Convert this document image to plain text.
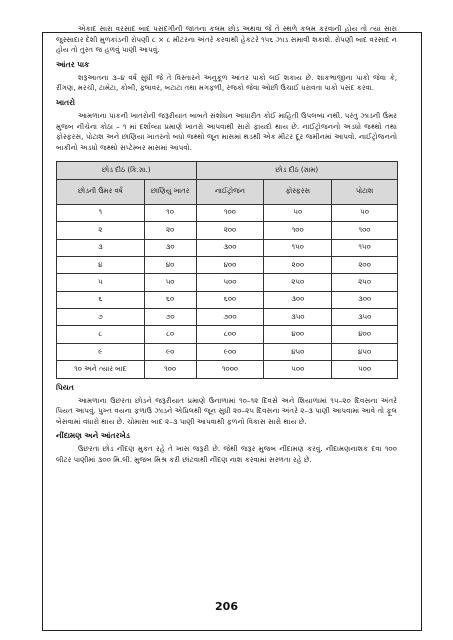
એકાદ સારા વરસાદ બાદ પસંદગીની જાતના કલમ છોડ અથવા જે તે સ્થળે કલમ કરવાની હોય તો ત્યાં સારા જુસ્સાદાર દેશી મુળકાંડની રોપણી ૮ × ૮ મીટરના અંતરે કરવાથી હેકટરે ૧૫૬ ઝાડ સમાવી શકાશે. રોપણી બાદ વરસાદ ન હોય તો તુરત જ હળવું પાણી આપવું.

આંતર પાક

શરૂઆતના ૩–૪ વર્ષ સુધી જે તે વિસ્તારને અનુકૂળ આંતર પાકો લઈ શકાય છે. શાકભાજીના પાકો જેવા કે, રીંગણ, મરચી, ટામેટા, કોબી, ફ્લાવર, બટાટા તથા મગફળી, રજકો જેવા ઓછી ઉંચાઈ ધરાવતા પાકો પસંદ કરવા.

ખાતરો

આમળાના પાકની ખાતરોની જરૂરીયાત બાબતે સંશોધન આધારીત કોઈ માહિતી ઉપલબ્ધ નથી. પરંતુ ઝાડની ઉંમર મુજબ નીચેના કોઠા – ૧ માં દર્શાવ્યા પ્રમાણે ખાતરો આપવાથી સારો ફાયદો થાય છે. નાઈટ્રોજનનો અડધો જથ્થો તથા ફોસ્ફરસ, પોટાશ અને છાણિયા ખાતરનો બધો જથ્થો જૂન માસમાં થડથી એક મીટર દૂર જમીનમાં આપવો. નાઈટ્રોજનનો બાકીનો અડધો જથ્થો સપ્ટેમ્બર માસમાં આપવો.

છોડ દીઠ (કિ.ગ્રા.)		છોડ દીઠ (ગ્રામ)		
છોડની ઉંમર વર્ષ	છાણિયું ખાતર	નાઈટ્રોજન	ફોસ્ફરસ	પોટાશ
૧	૧૦	૧૦૦	૫૦	૫૦
૨	૨૦	૨૦૦	૧૦૦	૧૦૦
૩	૩૦	૩૦૦	૧૫૦	૧૫૦
૪	૪૦	૪૦૦	૨૦૦	૨૦૦
૫	૫૦	૫૦૦	૨૫૦	૨૫૦
૬	૬૦	૬૦૦	૩૦૦	૩૦૦
૭	૭૦	૭૦૦	૩૫૦	૩૫૦
૮	૮૦	૮૦૦	૪૦૦	૪૦૦
૯	૯૦	૯૦૦	૪૫૦	૪૫૦
૧૦ અને ત્યાર બાદ	૧૦૦	૧૦૦૦	૫૦૦	૫૦૦
પિયત

આમળાના ઉછરતા છોડને જરૂરીયાત પ્રમાણે ઉનાળામાં ૧૦–૧૨ દિવસે અને શિયાળામાં ૧૫–૨૦ દિવસના અંતરે પિયત આપવું. પુખ્ત વયના ફળાઉ ઝાડને એપ્રિલથી જૂન સુધી ૨૦–૨૫ દિવસના અંતરે ૨–૩ પાણી આપવામાં આવે તો ફૂલ બેસવામાં વધારો થાય છે. ચોમાસા બાદ ૨–૩ પાણી આપવાથી ફળનો વિકાસ સારો થાય છે.

નીંદામણ અને આંતરખેડ

ઉછરતા છોડ નીંદણ મુકત રહે તે ખાસ જરૂરી છે. જેથી જરૂર મુજબ નીંદામણ કરવું. નીંદામણનાશક દવા ૧૦૦ લીટર પાણીમાં ૩૦૦ મિ.લી. મુજબ મિશ્ર કરી છાંટવાથી નીંદણ નાશ કરવામાં સરળતા રહે છે.

206
